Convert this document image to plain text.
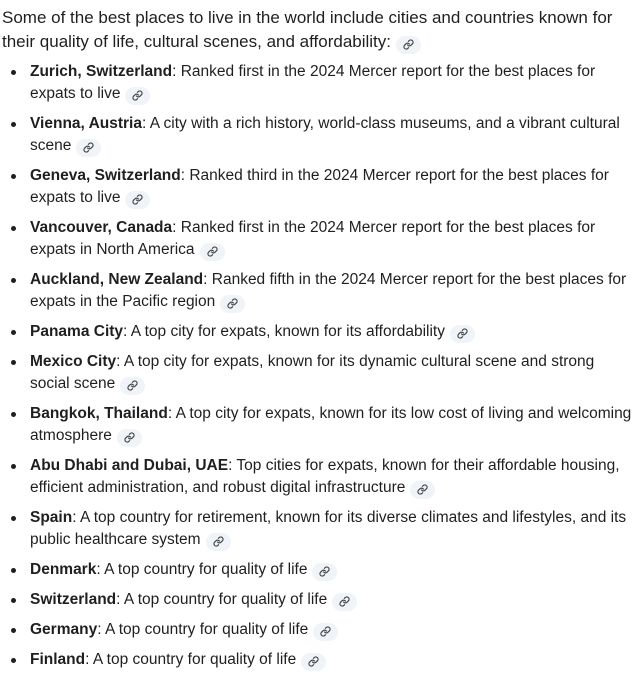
Some of the best places to live in the world include cities and countries known for their quality of life, cultural scenes, and affordability:

Zurich, Switzerland: Ranked first in the 2024 Mercer report for the best places for expats to live
Vienna, Austria: A city with a rich history, world-class museums, and a vibrant cultural scene
Geneva, Switzerland: Ranked third in the 2024 Mercer report for the best places for expats to live
Vancouver, Canada: Ranked first in the 2024 Mercer report for the best places for expats in North America
Auckland, New Zealand: Ranked fifth in the 2024 Mercer report for the best places for expats in the Pacific region
Panama City: A top city for expats, known for its affordability
Mexico City: A top city for expats, known for its dynamic cultural scene and strong social scene
Bangkok, Thailand: A top city for expats, known for its low cost of living and welcoming atmosphere
Abu Dhabi and Dubai, UAE: Top cities for expats, known for their affordable housing, efficient administration, and robust digital infrastructure
Spain: A top country for retirement, known for its diverse climates and lifestyles, and its public healthcare system
Denmark: A top country for quality of life
Switzerland: A top country for quality of life
Germany: A top country for quality of life
Finland: A top country for quality of life
